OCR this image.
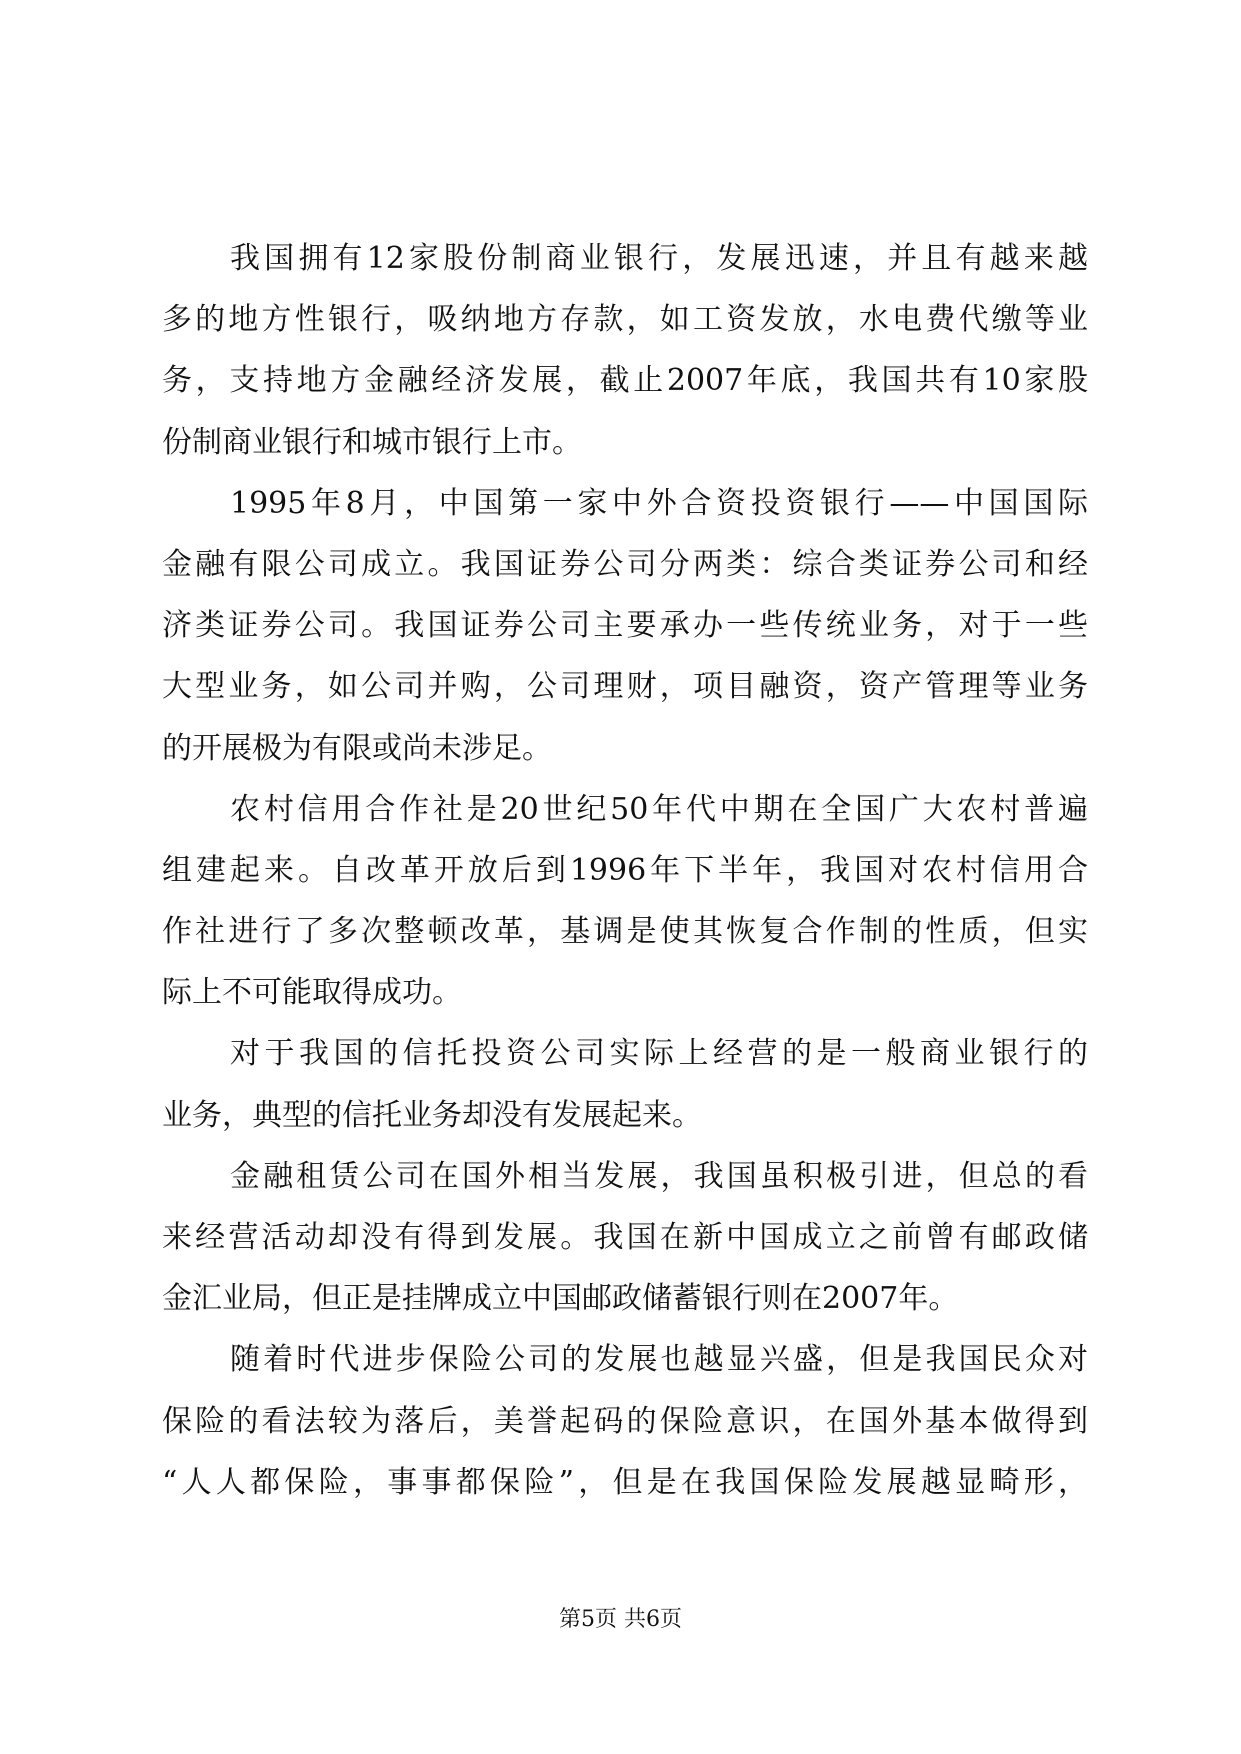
我国拥有12家股份制商业银行，发展迅速，并且有越来越
多的地方性银行，吸纳地方存款，如工资发放，水电费代缴等业
务，支持地方金融经济发展，截止2007年底，我国共有10家股
份制商业银行和城市银行上市。
1995年8月，中国第一家中外合资投资银行——中国国际
金融有限公司成立。我国证券公司分两类：综合类证券公司和经
济类证券公司。我国证券公司主要承办一些传统业务，对于一些
大型业务，如公司并购，公司理财，项目融资，资产管理等业务
的开展极为有限或尚未涉足。
农村信用合作社是20世纪50年代中期在全国广大农村普遍
组建起来。自改革开放后到1996年下半年，我国对农村信用合
作社进行了多次整顿改革，基调是使其恢复合作制的性质，但实
际上不可能取得成功。
对于我国的信托投资公司实际上经营的是一般商业银行的
业务，典型的信托业务却没有发展起来。
金融租赁公司在国外相当发展，我国虽积极引进，但总的看
来经营活动却没有得到发展。我国在新中国成立之前曾有邮政储
金汇业局，但正是挂牌成立中国邮政储蓄银行则在2007年。
随着时代进步保险公司的发展也越显兴盛，但是我国民众对
保险的看法较为落后，美誉起码的保险意识，在国外基本做得到
“人人都保险，事事都保险”，但是在我国保险发展越显畸形，
第5页 共6页
